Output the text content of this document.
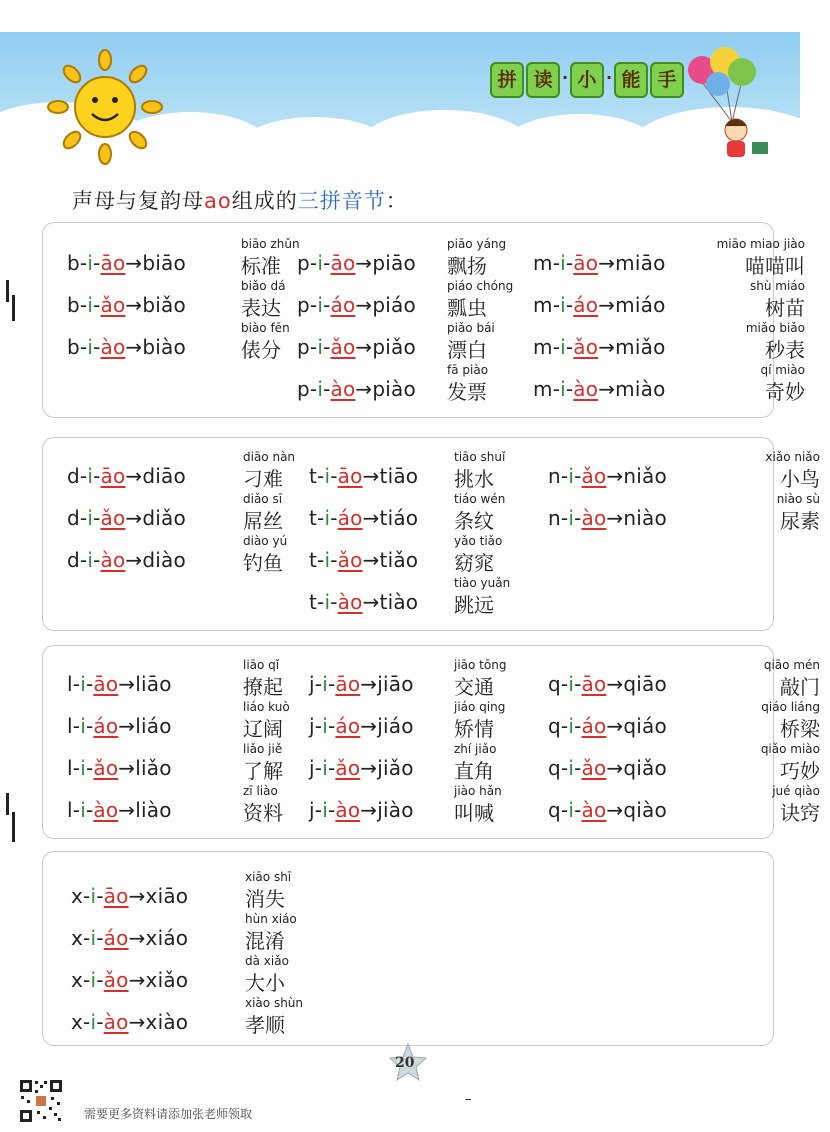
拼 读 · 小 · 能 手
声母与复韵母ao组成的三拼音节：
biāo zhǔn
b-i-āo→biāo	标准
biǎo dá
b-i-ǎo→biǎo	表达
biào fēn
b-i-ào→biào	俵分
piāo yáng
p-i-āo→piāo 飘扬
piáo chóng
p-i-áo→piáo 瓢虫
piǎo bái
p-i-ǎo→piǎo 漂白
fā piào
p-i-ào→piào 发票
miāo miao jiào
m-i-āo→miāo	喵喵叫
shù miáo
m-i-áo→miáo	树苗
miǎo biǎo
m-i-ǎo→miǎo	秒表
qí miào
m-i-ào→miào	奇妙
diāo nàn
d-i-āo→diāo	刁难
diǎo sī
d-i-ǎo→diǎo	屌丝
diào yú
d-i-ào→diào	钓鱼
tiāo shuǐ
t-i-āo→tiāo 挑水
tiáo wén
t-i-áo→tiáo 条纹
yǎo tiǎo
t-i-ǎo→tiǎo 窈窕
tiào yuǎn
t-i-ào→tiào 跳远
xiǎo niǎo
n-i-ǎo→niǎo	小鸟
niào sù
n-i-ào→niào	尿素
liāo qǐ
l-i-āo→liāo	撩起
liáo kuò
l-i-áo→liáo	辽阔
liǎo jiě
l-i-ǎo→liǎo	了解
zī liào
l-i-ào→liào	资料
jiāo tōng
j-i-āo→jiāo 交通
jiáo qing
j-i-áo→jiáo 矫情
zhí jiǎo
j-i-ǎo→jiǎo 直角
jiào hǎn
j-i-ào→jiào 叫喊
qiāo mén
q-i-āo→qiāo	敲门
qiáo liáng
q-i-áo→qiáo	桥梁
qiǎo miào
q-i-ǎo→qiǎo	巧妙
jué qiào
q-i-ào→qiào	诀窍
xiāo shī
x-i-āo→xiāo	消失
hùn xiáo
x-i-áo→xiáo	混淆
dà xiǎo
x-i-ǎo→xiǎo	大小
xiào shùn
x-i-ào→xiào	孝顺
20
–
需要更多资料请添加张老师领取
